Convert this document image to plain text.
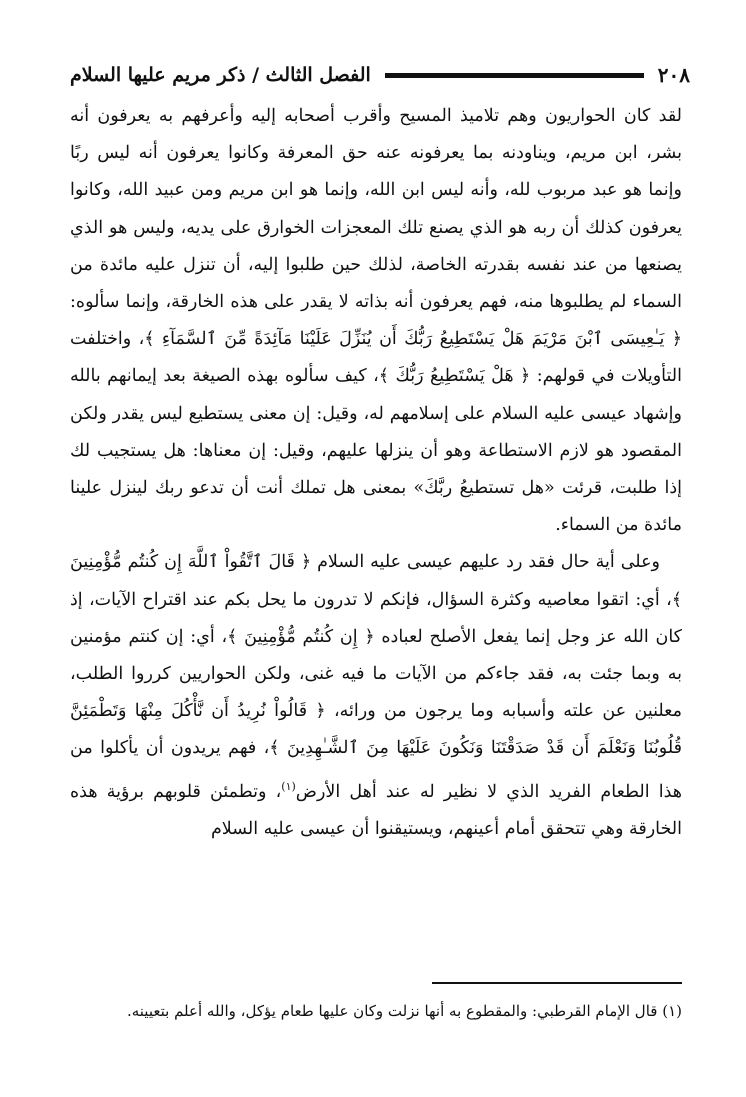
الفصل الثالث / ذكر مريم عليها السلام	٢٠٨

لقد كان الحواريون وهم تلاميذ المسيح وأقرب أصحابه إليه وأعرفهم به يعرفون أنه بشر، ابن مريم، ويناودنه بما يعرفونه عنه حق المعرفة وكانوا يعرفون أنه ليس ربًا وإنما هو عبد مربوب لله، وأنه ليس ابن الله، وإنما هو ابن مريم ومن عبيد الله، وكانوا يعرفون كذلك أن ربه هو الذي يصنع تلك المعجزات الخوارق على يديه، وليس هو الذي يصنعها من عند نفسه بقدرته الخاصة، لذلك حين طلبوا إليه، أن تنزل عليه مائدة من السماء لم يطلبوها منه، فهم يعرفون أنه بذاته لا يقدر على هذه الخارقة، وإنما سألوه: ﴿ يَـٰعِيسَى ٱبْنَ مَرْيَمَ هَلْ يَسْتَطِيعُ رَبُّكَ أَن يُنَزِّلَ عَلَيْنَا مَآئِدَةً مِّنَ ٱلسَّمَآءِ ﴾، واختلفت التأويلات في قولهم: ﴿ هَلْ يَسْتَطِيعُ رَبُّكَ ﴾، كيف سألوه بهذه الصيغة بعد إيمانهم بالله وإشهاد عيسى عليه السلام على إسلامهم له، وقيل: إن معنى يستطيع ليس يقدر ولكن المقصود هو لازم الاستطاعة وهو أن ينزلها عليهم، وقيل: إن معناها: هل يستجيب لك إذا طلبت، قرئت «هل تستطيعُ ربَّكَ» بمعنى هل تملك أنت أن تدعو ربك لينزل علينا مائدة من السماء.

وعلى أية حال فقد رد عليهم عيسى عليه السلام ﴿ قَالَ ٱتَّقُواْ ٱللَّهَ إِن كُنتُم مُّؤْمِنِينَ ﴾، أي: اتقوا معاصيه وكثرة السؤال، فإنكم لا تدرون ما يحل بكم عند اقتراح الآيات، إذ كان الله عز وجل إنما يفعل الأصلح لعباده ﴿ إِن كُنتُم مُّؤْمِنِينَ ﴾، أي: إن كنتم مؤمنين به وبما جئت به، فقد جاءكم من الآيات ما فيه غنى، ولكن الحواريين كرروا الطلب، معلنين عن علته وأسبابه وما يرجون من ورائه، ﴿ قَالُواْ نُرِيدُ أَن نَّأْكُلَ مِنْهَا وَتَطْمَئِنَّ قُلُوبُنَا وَنَعْلَمَ أَن قَدْ صَدَقْتَنَا وَنَكُونَ عَلَيْهَا مِنَ ٱلشَّـٰهِدِينَ ﴾، فهم يريدون أن يأكلوا من هذا الطعام الفريد الذي لا نظير له عند أهل الأرض$^{(١)}$، وتطمئن قلوبهم برؤية هذه الخارقة وهي تتحقق أمام أعينهم، ويستيقنوا أن عيسى عليه السلام

(١) قال الإمام القرطبي: والمقطوع به أنها نزلت وكان عليها طعام يؤكل، والله أعلم بتعيينه.
